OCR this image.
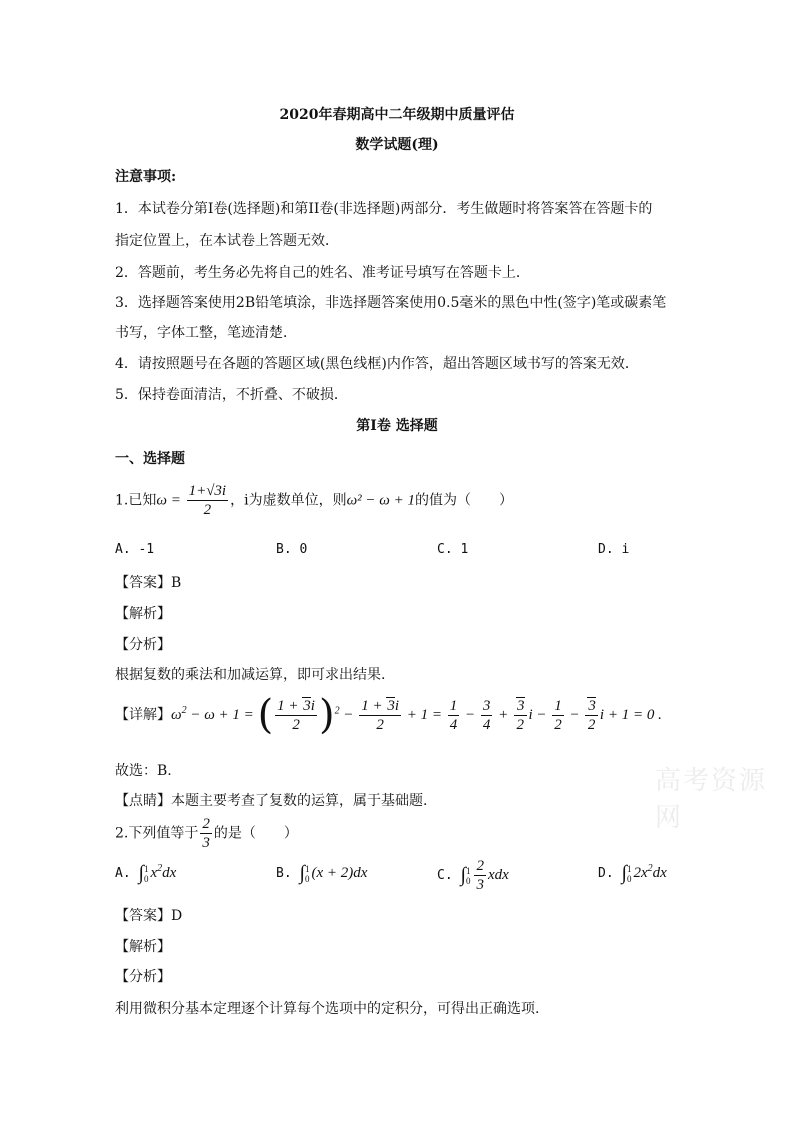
2020年春期高中二年级期中质量评估
数学试题(理)
注意事项:
1．本试卷分第I卷(选择题)和第II卷(非选择题)两部分．考生做题时将答案答在答题卡的
指定位置上，在本试卷上答题无效．
2．答题前，考生务必先将自己的姓名、准考证号填写在答题卡上．
3．选择题答案使用2B铅笔填涂，非选择题答案使用0.5毫米的黑色中性(签字)笔或碳素笔
书写，字体工整，笔迹清楚．
4．请按照题号在各题的答题区域(黑色线框)内作答，超出答题区域书写的答案无效．
5．保持卷面清洁，不折叠、不破损．
第I卷 选择题
一、选择题
1.已知$\omega = \frac{1+√3i}{2}$ ，i为虚数单位，则ω² − ω + 1的值为（　　）
A. -1	B. 0	C. 1	D. i
【答案】B
【解析】
【分析】
根据复数的乘法和加减运算，即可求出结果.
【详解】$\omega^2 - \omega + 1$ = ( $\frac{1 + 3i}{2} )^2 - \frac{1 + 3i}{2} + 1 = \frac{1}{4} - \frac{3}{4} + \frac{3}{2}$ $i - \frac{1}{2} - \frac{3}{2}$ i + 1 = 0 .
故选：B.
【点睛】本题主要考查了复数的运算，属于基础题.
2.下列值等于 $\frac{2}{3}$ 的是（　　）
A. ∫1
0 $x^2dx$	B. ∫1
0 (x + 2)dx	C. ∫1
$0 \frac{2}{3}$ xdx	D. ∫1
0 $2x^2dx$
【答案】D
【解析】
【分析】
利用微积分基本定理逐个计算每个选项中的定积分，可得出正确选项.
高考资源网
